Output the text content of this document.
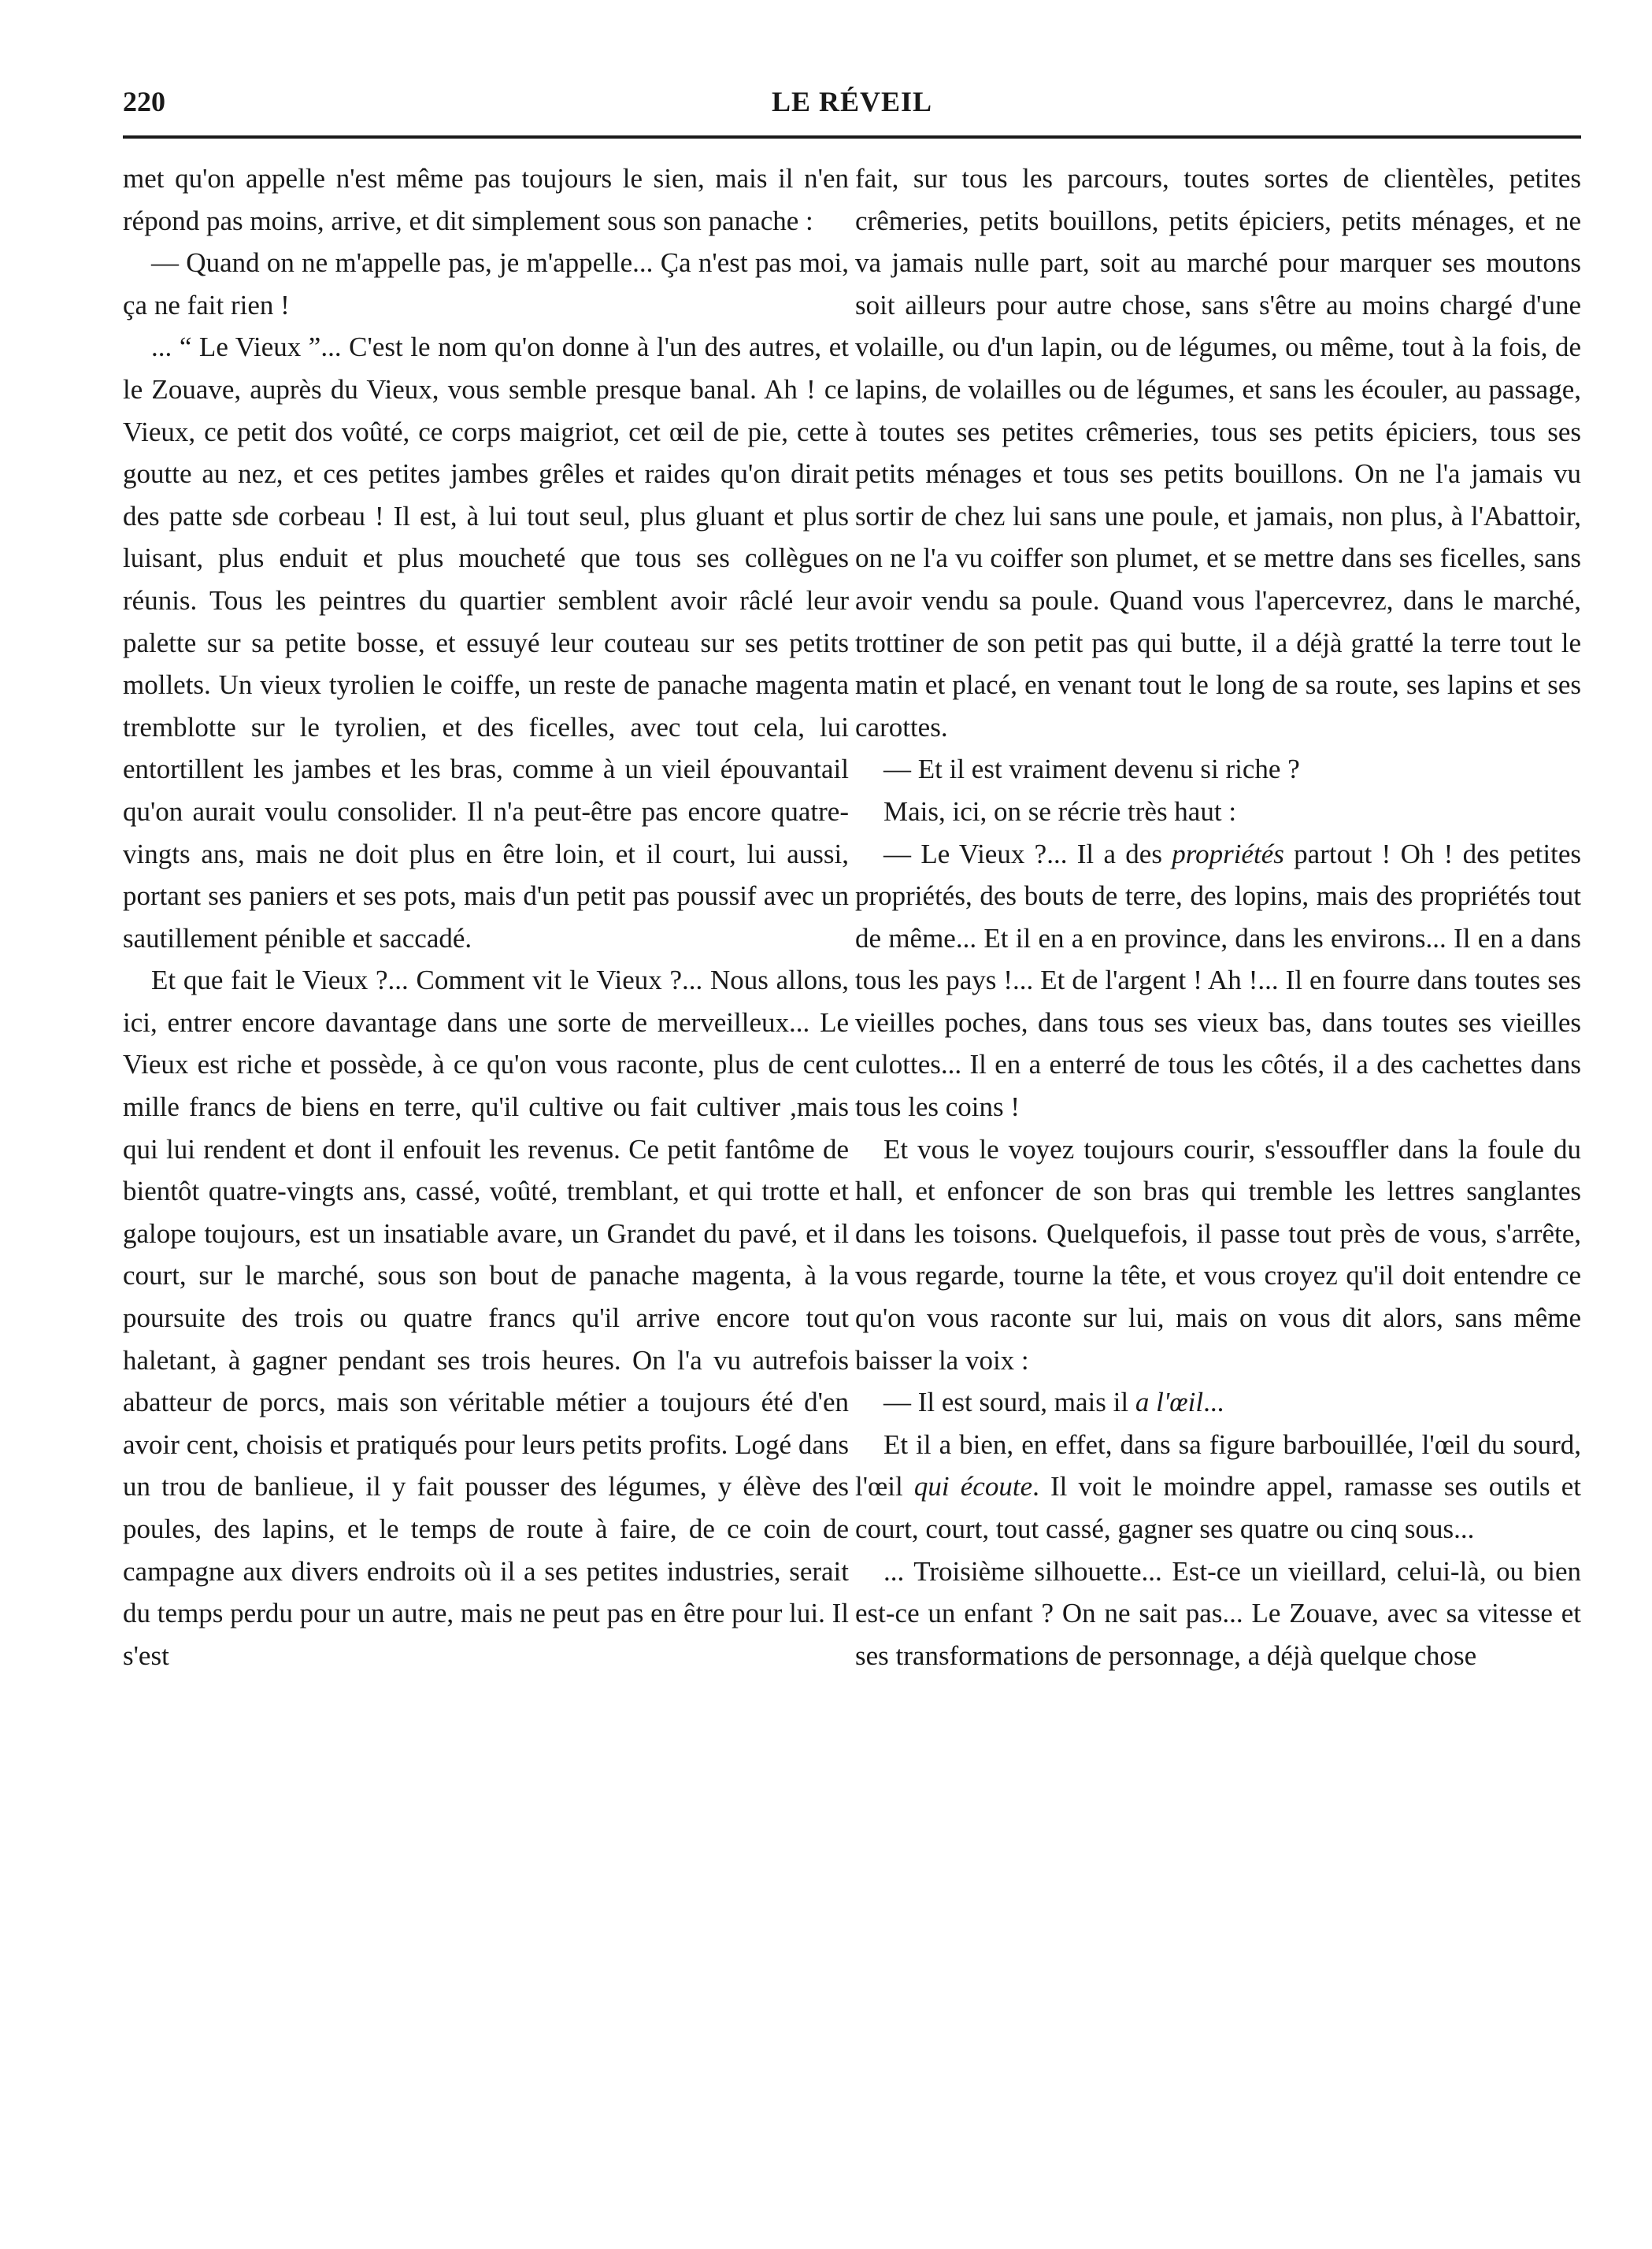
220	LE RÉVEIL

met qu'on appelle n'est même pas toujours le sien, mais il n'en répond pas moins, arrive, et dit simplement sous son panache :

— Quand on ne m'appelle pas, je m'appelle... Ça n'est pas moi, ça ne fait rien !

... “ Le Vieux ”... C'est le nom qu'on donne à l'un des autres, et le Zouave, auprès du Vieux, vous semble presque banal. Ah ! ce Vieux, ce petit dos voûté, ce corps maigriot, cet œil de pie, cette goutte au nez, et ces petites jambes grêles et raides qu'on dirait des patte sde corbeau ! Il est, à lui tout seul, plus gluant et plus luisant, plus enduit et plus moucheté que tous ses collègues réunis. Tous les peintres du quartier semblent avoir râclé leur palette sur sa petite bosse, et essuyé leur couteau sur ses petits mollets. Un vieux tyrolien le coiffe, un reste de panache magenta tremblotte sur le tyrolien, et des ficelles, avec tout cela, lui entortillent les jambes et les bras, comme à un vieil épouvantail qu'on aurait voulu consolider. Il n'a peut-être pas encore quatre-vingts ans, mais ne doit plus en être loin, et il court, lui aussi, portant ses paniers et ses pots, mais d'un petit pas poussif avec un sautillement pénible et saccadé.

Et que fait le Vieux ?... Comment vit le Vieux ?... Nous allons, ici, entrer encore davantage dans une sorte de merveilleux... Le Vieux est riche et possède, à ce qu'on vous raconte, plus de cent mille francs de biens en terre, qu'il cultive ou fait cultiver ,mais qui lui rendent et dont il enfouit les revenus. Ce petit fantôme de bientôt quatre-vingts ans, cassé, voûté, tremblant, et qui trotte et galope toujours, est un insatiable avare, un Grandet du pavé, et il court, sur le marché, sous son bout de panache magenta, à la poursuite des trois ou quatre francs qu'il arrive encore tout haletant, à gagner pendant ses trois heures. On l'a vu autrefois abatteur de porcs, mais son véritable métier a toujours été d'en avoir cent, choisis et pratiqués pour leurs petits profits. Logé dans un trou de banlieue, il y fait pousser des légumes, y élève des poules, des lapins, et le temps de route à faire, de ce coin de campagne aux divers endroits où il a ses petites industries, serait du temps perdu pour un autre, mais ne peut pas en être pour lui. Il s'est

fait, sur tous les parcours, toutes sortes de clientèles, petites crêmeries, petits bouillons, petits épiciers, petits ménages, et ne va jamais nulle part, soit au marché pour marquer ses moutons soit ailleurs pour autre chose, sans s'être au moins chargé d'une volaille, ou d'un lapin, ou de légumes, ou même, tout à la fois, de lapins, de volailles ou de légumes, et sans les écouler, au passage, à toutes ses petites crêmeries, tous ses petits épiciers, tous ses petits ménages et tous ses petits bouillons. On ne l'a jamais vu sortir de chez lui sans une poule, et jamais, non plus, à l'Abattoir, on ne l'a vu coiffer son plumet, et se mettre dans ses ficelles, sans avoir vendu sa poule. Quand vous l'apercevrez, dans le marché, trottiner de son petit pas qui butte, il a déjà gratté la terre tout le matin et placé, en venant tout le long de sa route, ses lapins et ses carottes.

— Et il est vraiment devenu si riche ?

Mais, ici, on se récrie très haut :

— Le Vieux ?... Il a des propriétés partout ! Oh ! des petites propriétés, des bouts de terre, des lopins, mais des propriétés tout de même... Et il en a en province, dans les environs... Il en a dans tous les pays !... Et de l'argent ! Ah !... Il en fourre dans toutes ses vieilles poches, dans tous ses vieux bas, dans toutes ses vieilles culottes... Il en a enterré de tous les côtés, il a des cachettes dans tous les coins !

Et vous le voyez toujours courir, s'essouffler dans la foule du hall, et enfoncer de son bras qui tremble les lettres sanglantes dans les toisons. Quelquefois, il passe tout près de vous, s'arrête, vous regarde, tourne la tête, et vous croyez qu'il doit entendre ce qu'on vous raconte sur lui, mais on vous dit alors, sans même baisser la voix :

— Il est sourd, mais il a l'œil...

Et il a bien, en effet, dans sa figure barbouillée, l'œil du sourd, l'œil qui écoute. Il voit le moindre appel, ramasse ses outils et court, court, tout cassé, gagner ses quatre ou cinq sous...

... Troisième silhouette... Est-ce un vieillard, celui-là, ou bien est-ce un enfant ? On ne sait pas... Le Zouave, avec sa vitesse et ses transformations de personnage, a déjà quelque chose
